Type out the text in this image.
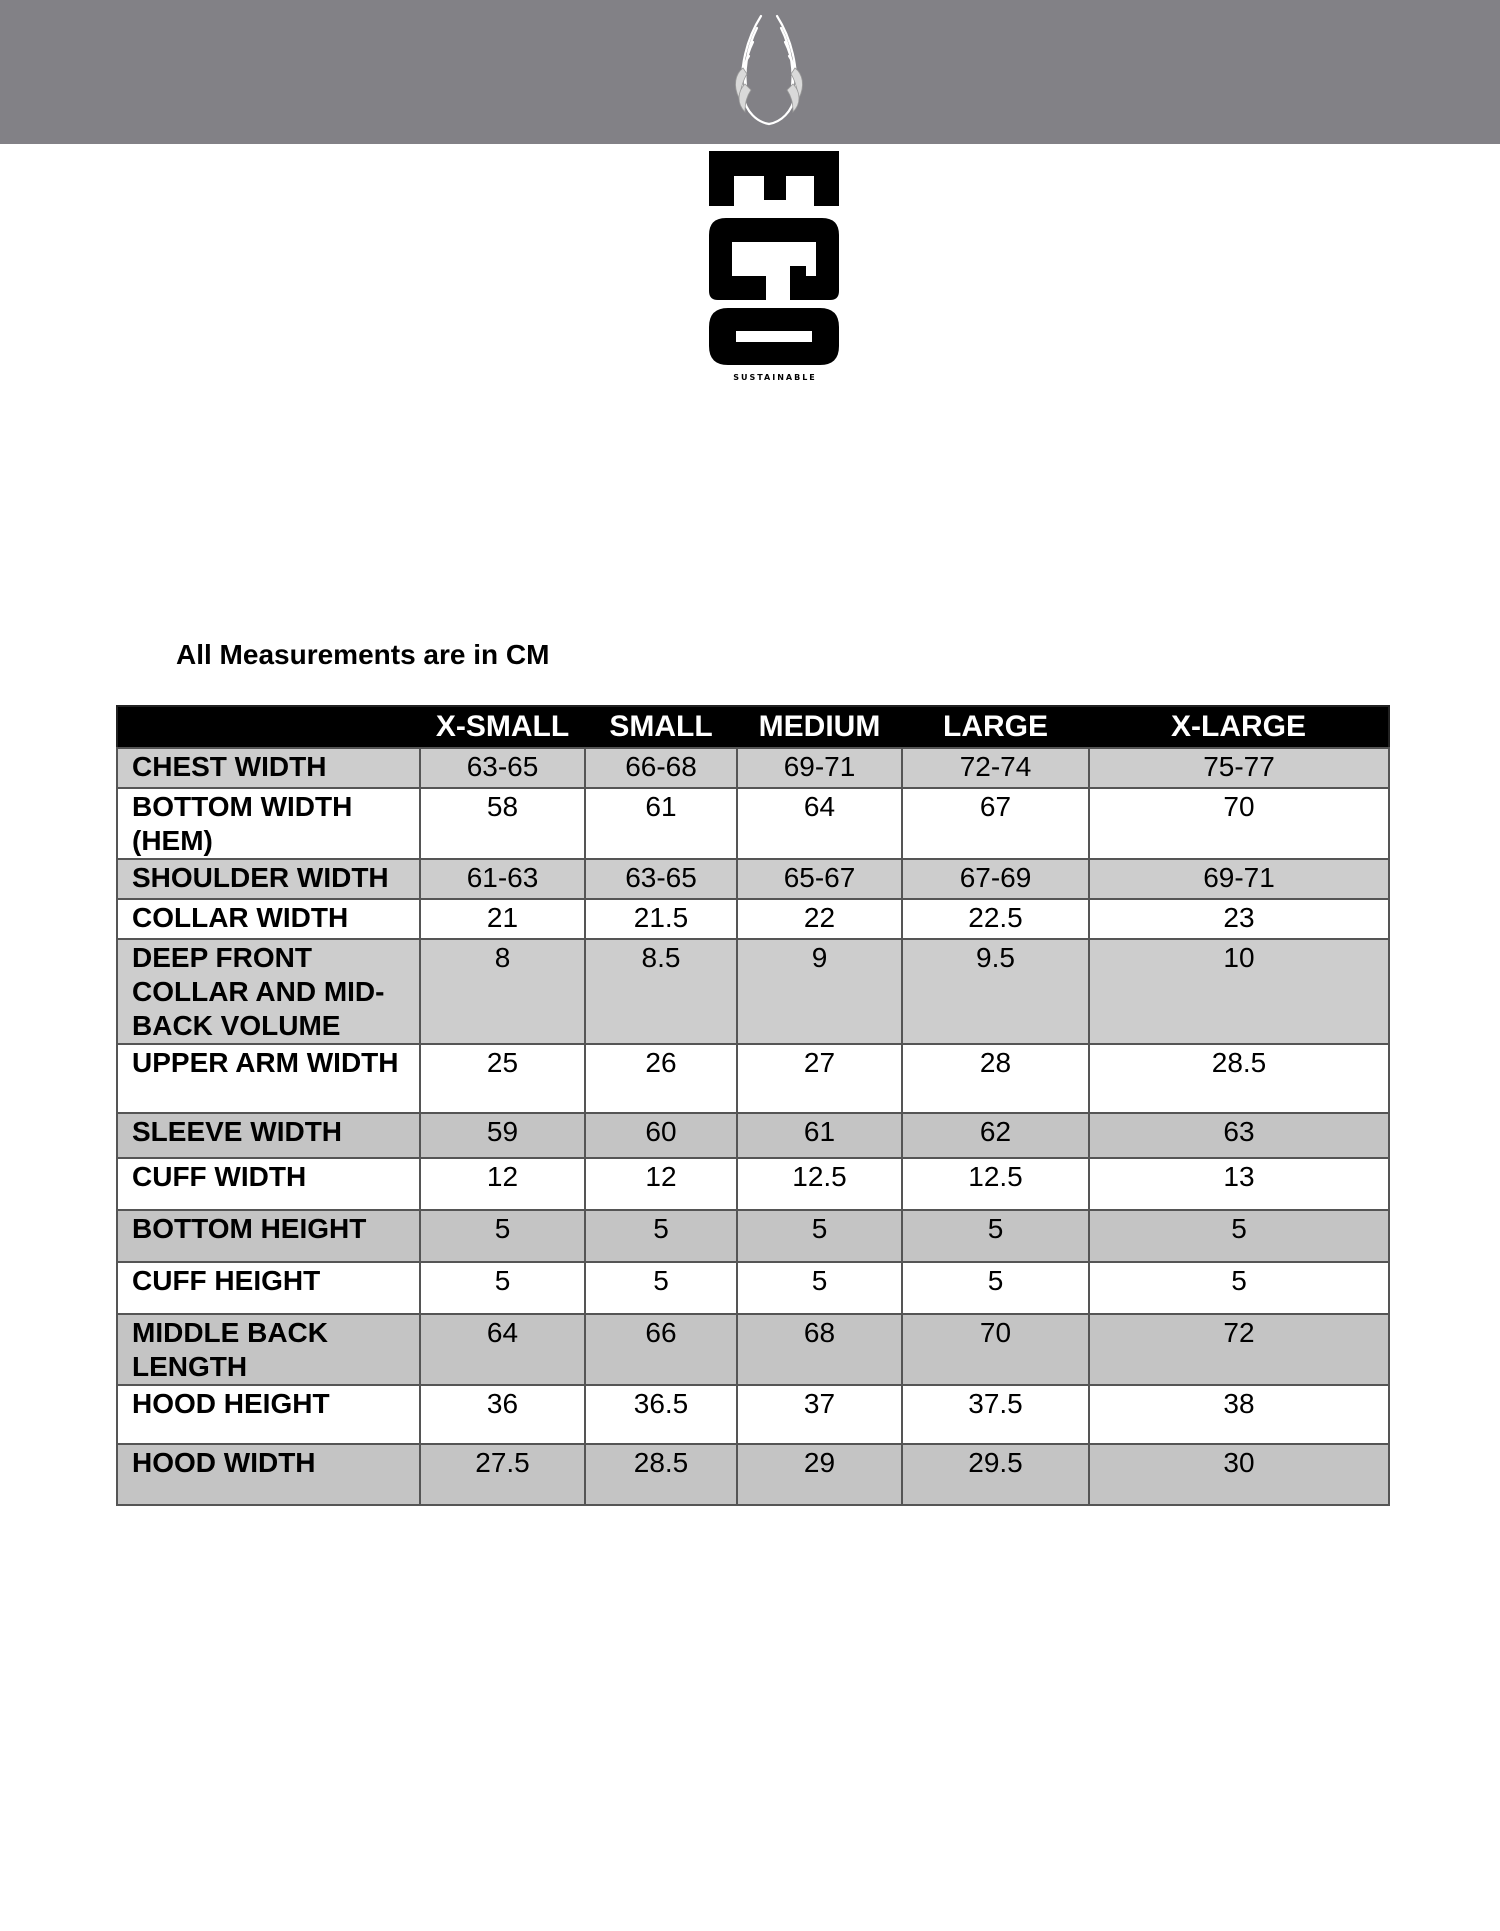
SUSTAINABLE
All Measurements are in CM
	X-SMALL	SMALL	MEDIUM	LARGE	X-LARGE
CHEST WIDTH	63-65	66-68	69-71	72-74	75-77
BOTTOM WIDTH (HEM)	58	61	64	67	70
SHOULDER WIDTH	61-63	63-65	65-67	67-69	69-71
COLLAR WIDTH	21	21.5	22	22.5	23
DEEP FRONT COLLAR AND MID-BACK VOLUME	8	8.5	9	9.5	10
UPPER ARM WIDTH	25	26	27	28	28.5
SLEEVE WIDTH	59	60	61	62	63
CUFF WIDTH	12	12	12.5	12.5	13
BOTTOM HEIGHT	5	5	5	5	5
CUFF HEIGHT	5	5	5	5	5
MIDDLE BACK LENGTH	64	66	68	70	72
HOOD HEIGHT	36	36.5	37	37.5	38
HOOD WIDTH	27.5	28.5	29	29.5	30
